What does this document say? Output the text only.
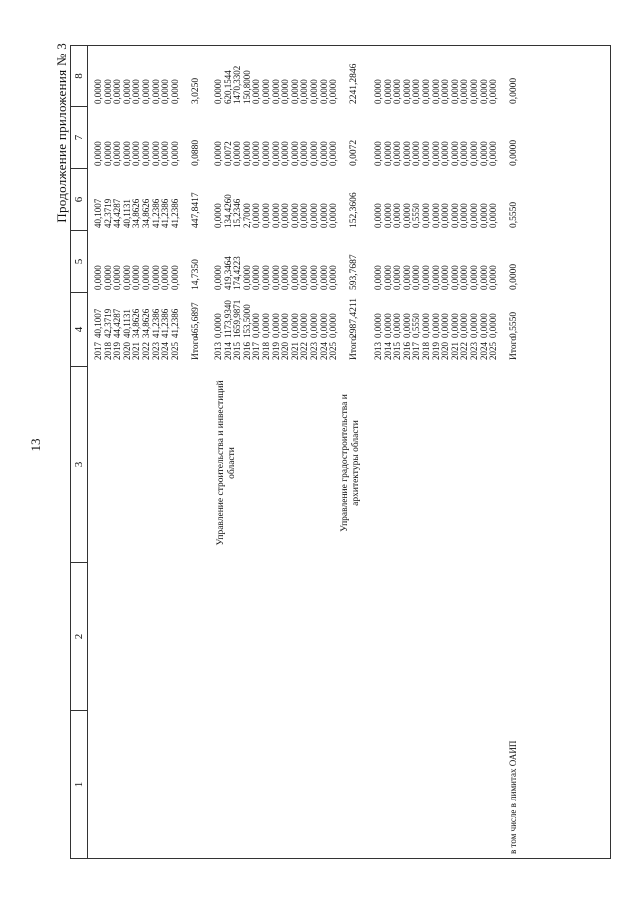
13
Продолжение приложения № 3
1
2
3
4
5
6
7
8
в том числе в лимитах ОАИП
Управление строительства и инвестиций области	Управление градостроительства и архитектуры области
2017
2018
2019
2020
2021
2022
2023
2024
2025 Итого 2013
2014
2015
2016
2017
2018
2019
2020
2021
2022
2023
2024
2025 Итого 2013
2014
2015
2016
2017
2018
2019
2020
2021
2022
2023
2024
2025 Итого
40,1007
42,3719
44,4287
40,1131
34,8626
34,8626
41,2386
41,2386
41,2386 465,6897 0,0000
1173,9340
1659,9871
153,5000
0,0000
0,0000
0,0000
0,0000
0,0000
0,0000
0,0000
0,0000
0,0000 2987,4211 0,0000
0,0000
0,0000
0,0000
0,5550
0,0000
0,0000
0,0000
0,0000
0,0000
0,0000
0,0000
0,0000 0,5550
0,0000
0,0000
0,0000
0,0000
0,0000
0,0000
0,0000
0,0000
0,0000 14,7350 0,0000
419,3464
174,4223
0,0000
0,0000
0,0000
0,0000
0,0000
0,0000
0,0000
0,0000
0,0000
0,0000 593,7687 0,0000
0,0000
0,0000
0,0000
0,0000
0,0000
0,0000
0,0000
0,0000
0,0000
0,0000
0,0000
0,0000 0,0000
40,1007
42,3719
44,4287
40,1131
34,8626
34,8626
41,2386
41,2386
41,2386 447,8417 0,0000
134,4260
15,2346
2,7000
0,0000
0,0000
0,0000
0,0000
0,0000
0,0000
0,0000
0,0000
0,0000 152,3606 0,0000
0,0000
0,0000
0,0000
0,5550
0,0000
0,0000
0,0000
0,0000
0,0000
0,0000
0,0000
0,0000 0,5550
0,0000
0,0000
0,0000
0,0000
0,0000
0,0000
0,0000
0,0000
0,0000 0,0880 0,0000
0,0072
0,0000
0,0000
0,0000
0,0000
0,0000
0,0000
0,0000
0,0000
0,0000
0,0000
0,0000 0,0072 0,0000
0,0000
0,0000
0,0000
0,0000
0,0000
0,0000
0,0000
0,0000
0,0000
0,0000
0,0000
0,0000 0,0000
0,0000
0,0000
0,0000
0,0000
0,0000
0,0000
0,0000
0,0000
0,0000 3,0250 0,0000
620,1544
1470,3302
150,8000
0,0000
0,0000
0,0000
0,0000
0,0000
0,0000
0,0000
0,0000
0,0000 2241,2846 0,0000
0,0000
0,0000
0,0000
0,0000
0,0000
0,0000
0,0000
0,0000
0,0000
0,0000
0,0000
0,0000 0,0000
